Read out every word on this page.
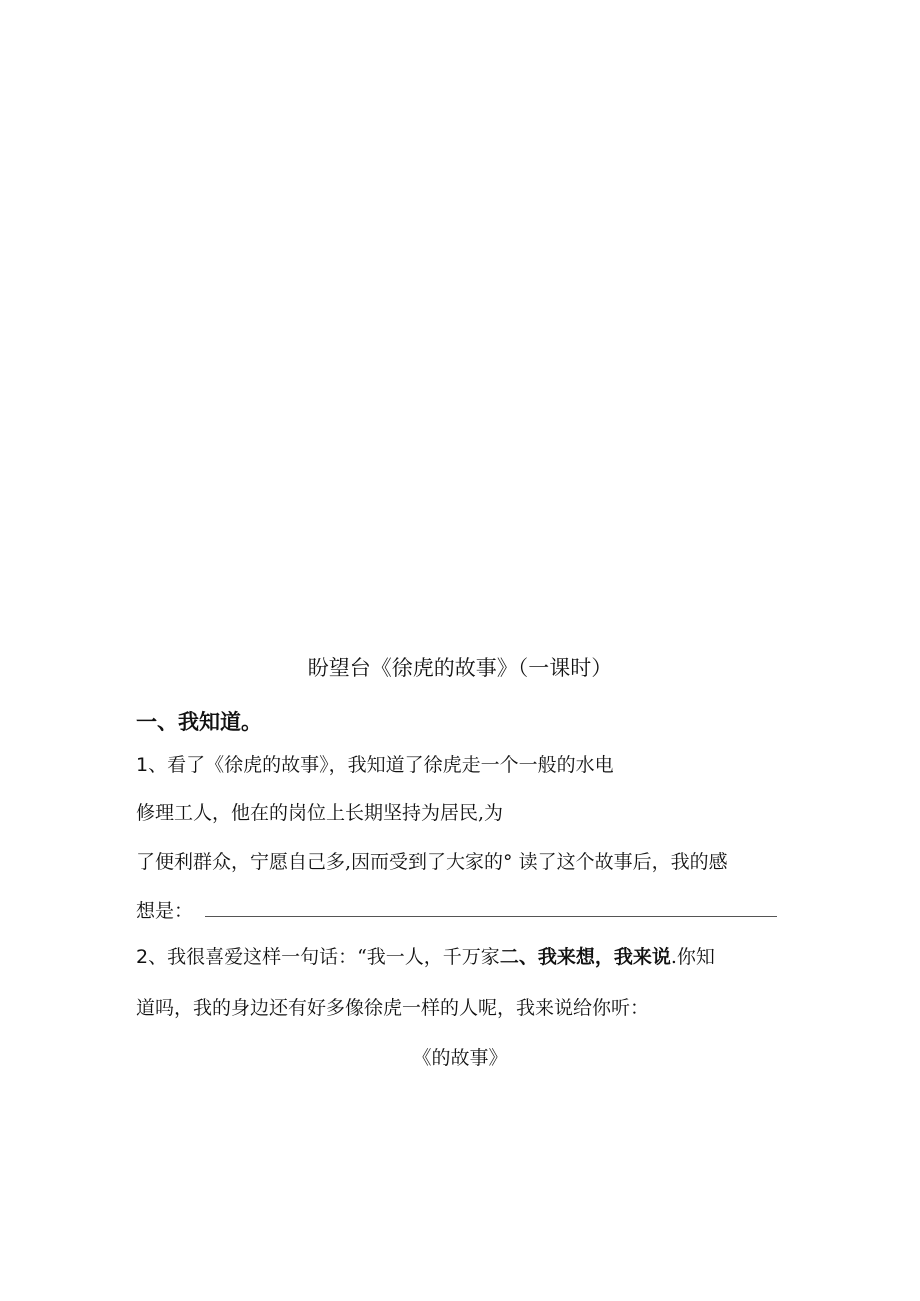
盼望台《徐虎的故事》（一课时）
一、我知道。
1、看了《徐虎的故事》，我知道了徐虎走一个一般的水电
修理工人，他在的岗位上长期坚持为居民,为
了便利群众，宁愿自己多,因而受到了大家的° 读了这个故事后，我的感
想是：
2、我很喜爱这样一句话：“我一人，千万家二、我来想，我来说.你知
道吗，我的身边还有好多像徐虎一样的人呢，我来说给你听：
《的故事》
